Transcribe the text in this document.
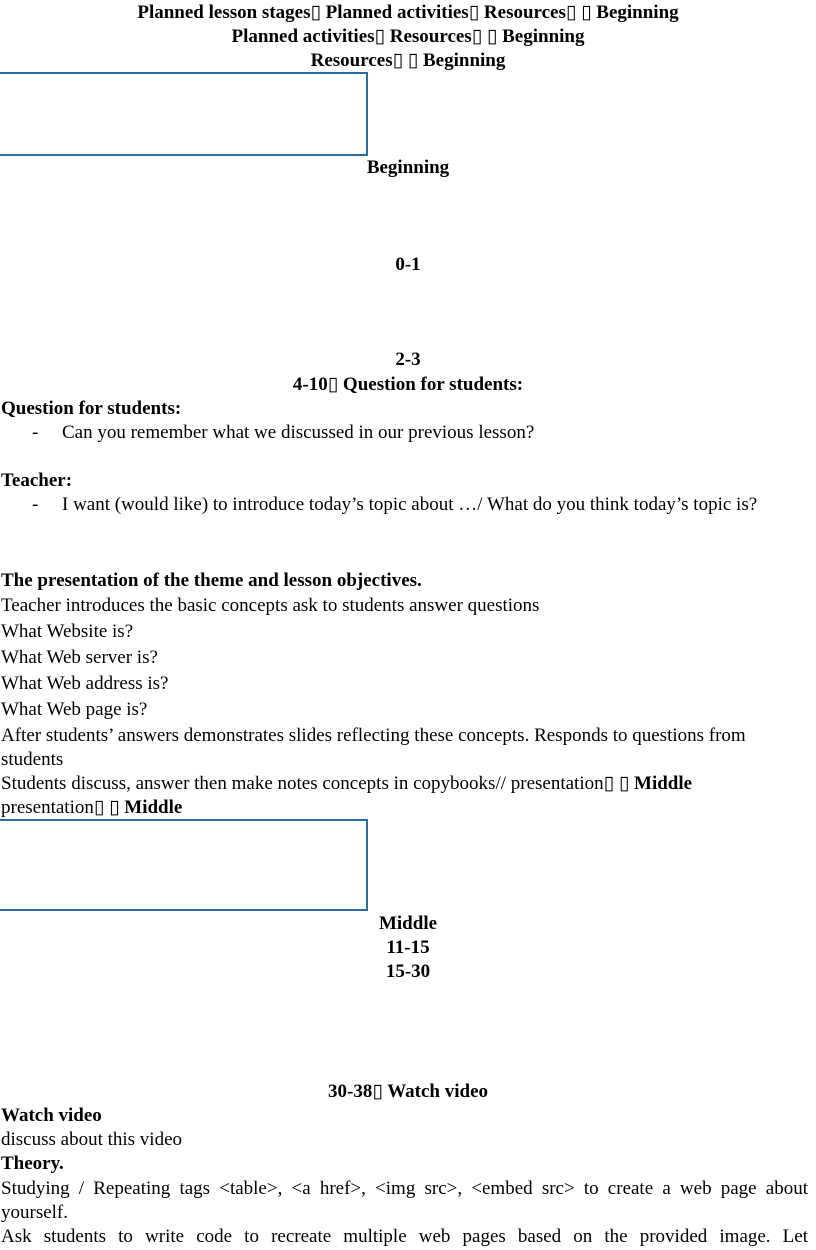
Planned lesson stages▯ Planned activities▯ Resources▯ ▯ Beginning
Planned activities▯ Resources▯ ▯ Beginning
Resources▯ ▯ Beginning
Beginning
0-1
2-3
4-10▯ Question for students:
Question for students:
- Can you remember what we discussed in our previous lesson?
Teacher:
- I want (would like) to introduce today’s topic about …/ What do you think today’s topic is?
The presentation of the theme and lesson objectives.
Teacher introduces the basic concepts ask to students answer questions
What Website is?
What Web server is?
What Web address is?
What Web page is?
After students’ answers demonstrates slides reflecting these concepts. Responds to questions from students
Students discuss, answer then make notes concepts in copybooks// presentation▯ ▯ Middle
presentation▯ ▯ Middle
Middle
11-15
15-30
30-38▯ Watch video
Watch video
discuss about this video
Theory.
Studying / Repeating tags <table>, <a href>, <img src>, <embed src> to create a web page about yourself.
Ask students to write code to recreate multiple web pages based on the provided image. Let
